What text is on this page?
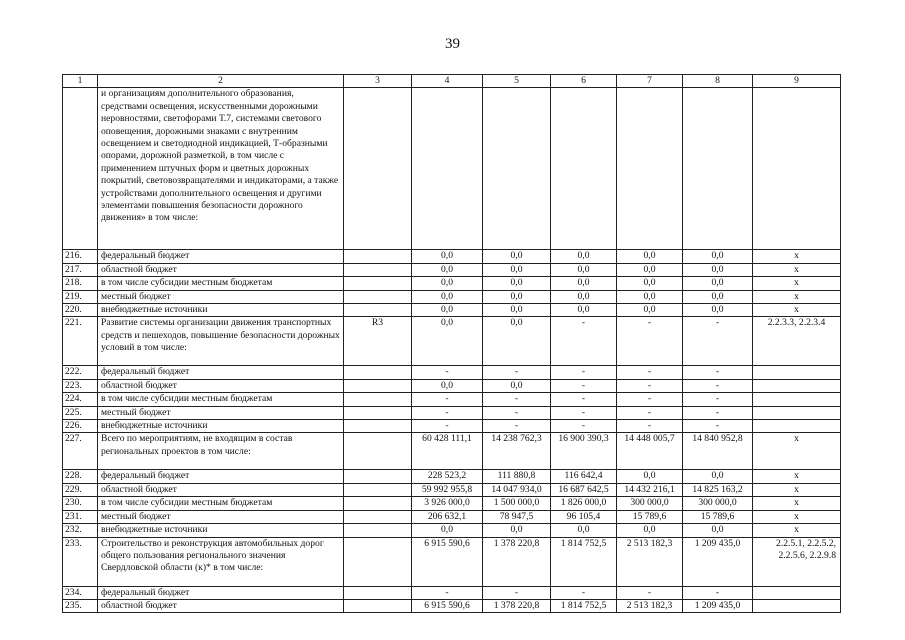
39
1	2	3	4	5	6	7	8	9
	и организациям дополнительного образования, средствами освещения, искусственными дорожными неровностями, светофорами Т.7, системами светового оповещения, дорожными знаками с внутренним освещением и светодиодной индикацией, Т-образными опорами, дорожной разметкой, в том числе с применением штучных форм и цветных дорожных покрытий, световозвращателями и индикаторами, а также устройствами дополнительного освещения и другими элементами повышения безопасности дорожного движения» в том числе:							
216.	федеральный бюджет		0,0	0,0	0,0	0,0	0,0	x
217.	областной бюджет		0,0	0,0	0,0	0,0	0,0	x
218.	в том числе субсидии местным бюджетам		0,0	0,0	0,0	0,0	0,0	x
219.	местный бюджет		0,0	0,0	0,0	0,0	0,0	x
220.	внебюджетные источники		0,0	0,0	0,0	0,0	0,0	x
221.	Развитие системы организации движения транспортных средств и пешеходов, повышение безопасности дорожных условий в том числе:	R3	0,0	0,0	-	-	-	2.2.3.3, 2.2.3.4
222.	федеральный бюджет		-	-	-	-	-	
223.	областной бюджет		0,0	0,0	-	-	-	
224.	в том числе субсидии местным бюджетам		-	-	-	-	-	
225.	местный бюджет		-	-	-	-	-	
226.	внебюджетные источники		-	-	-	-	-	
227.	Всего по мероприятиям, не входящим в состав региональных проектов в том числе:		60 428 111,1	14 238 762,3	16 900 390,3	14 448 005,7	14 840 952,8	x
228.	федеральный бюджет		228 523,2	111 880,8	116 642,4	0,0	0,0	x
229.	областной бюджет		59 992 955,8	14 047 934,0	16 687 642,5	14 432 216,1	14 825 163,2	x
230.	в том числе субсидии местным бюджетам		3 926 000,0	1 500 000,0	1 826 000,0	300 000,0	300 000,0	x
231.	местный бюджет		206 632,1	78 947,5	96 105,4	15 789,6	15 789,6	x
232.	внебюджетные источники		0,0	0,0	0,0	0,0	0,0	x
233.	Строительство и реконструкция автомобильных дорог общего пользования регионального значения Свердловской области (к)* в том числе:		6 915 590,6	1 378 220,8	1 814 752,5	2 513 182,3	1 209 435,0	2.2.5.1, 2.2.5.2, 2.2.5.6, 2.2.9.8
234.	федеральный бюджет		-	-	-	-	-	
235.	областной бюджет		6 915 590,6	1 378 220,8	1 814 752,5	2 513 182,3	1 209 435,0	
